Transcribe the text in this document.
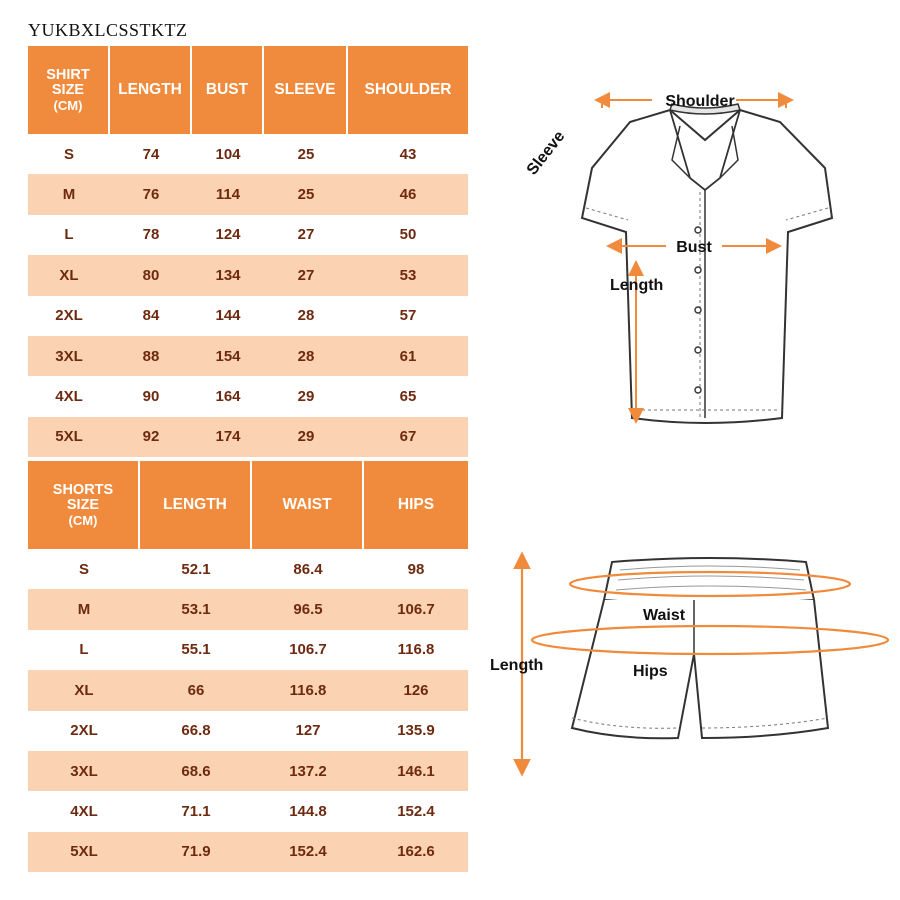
YUKBXLCSSTKTZ
SHIRT
SIZE

(CM)	LENGTH	BUST	SLEEVE	SHOULDER
S	74	104	25	43
M	76	114	25	46
L	78	124	27	50
XL	80	134	27	53
2XL	84	144	28	57
3XL	88	154	28	61
4XL	90	164	29	65
5XL	92	174	29	67
SHORTS
SIZE

(CM)	LENGTH	WAIST	HIPS
S	52.1	86.4	98
M	53.1	96.5	106.7
L	55.1	106.7	116.8
XL	66	116.8	126
2XL	66.8	127	135.9
3XL	68.6	137.2	146.1
4XL	71.1	144.8	152.4
5XL	71.9	152.4	162.6
Shoulder
Sleeve
Bust
Length
Waist
Hips
Length
